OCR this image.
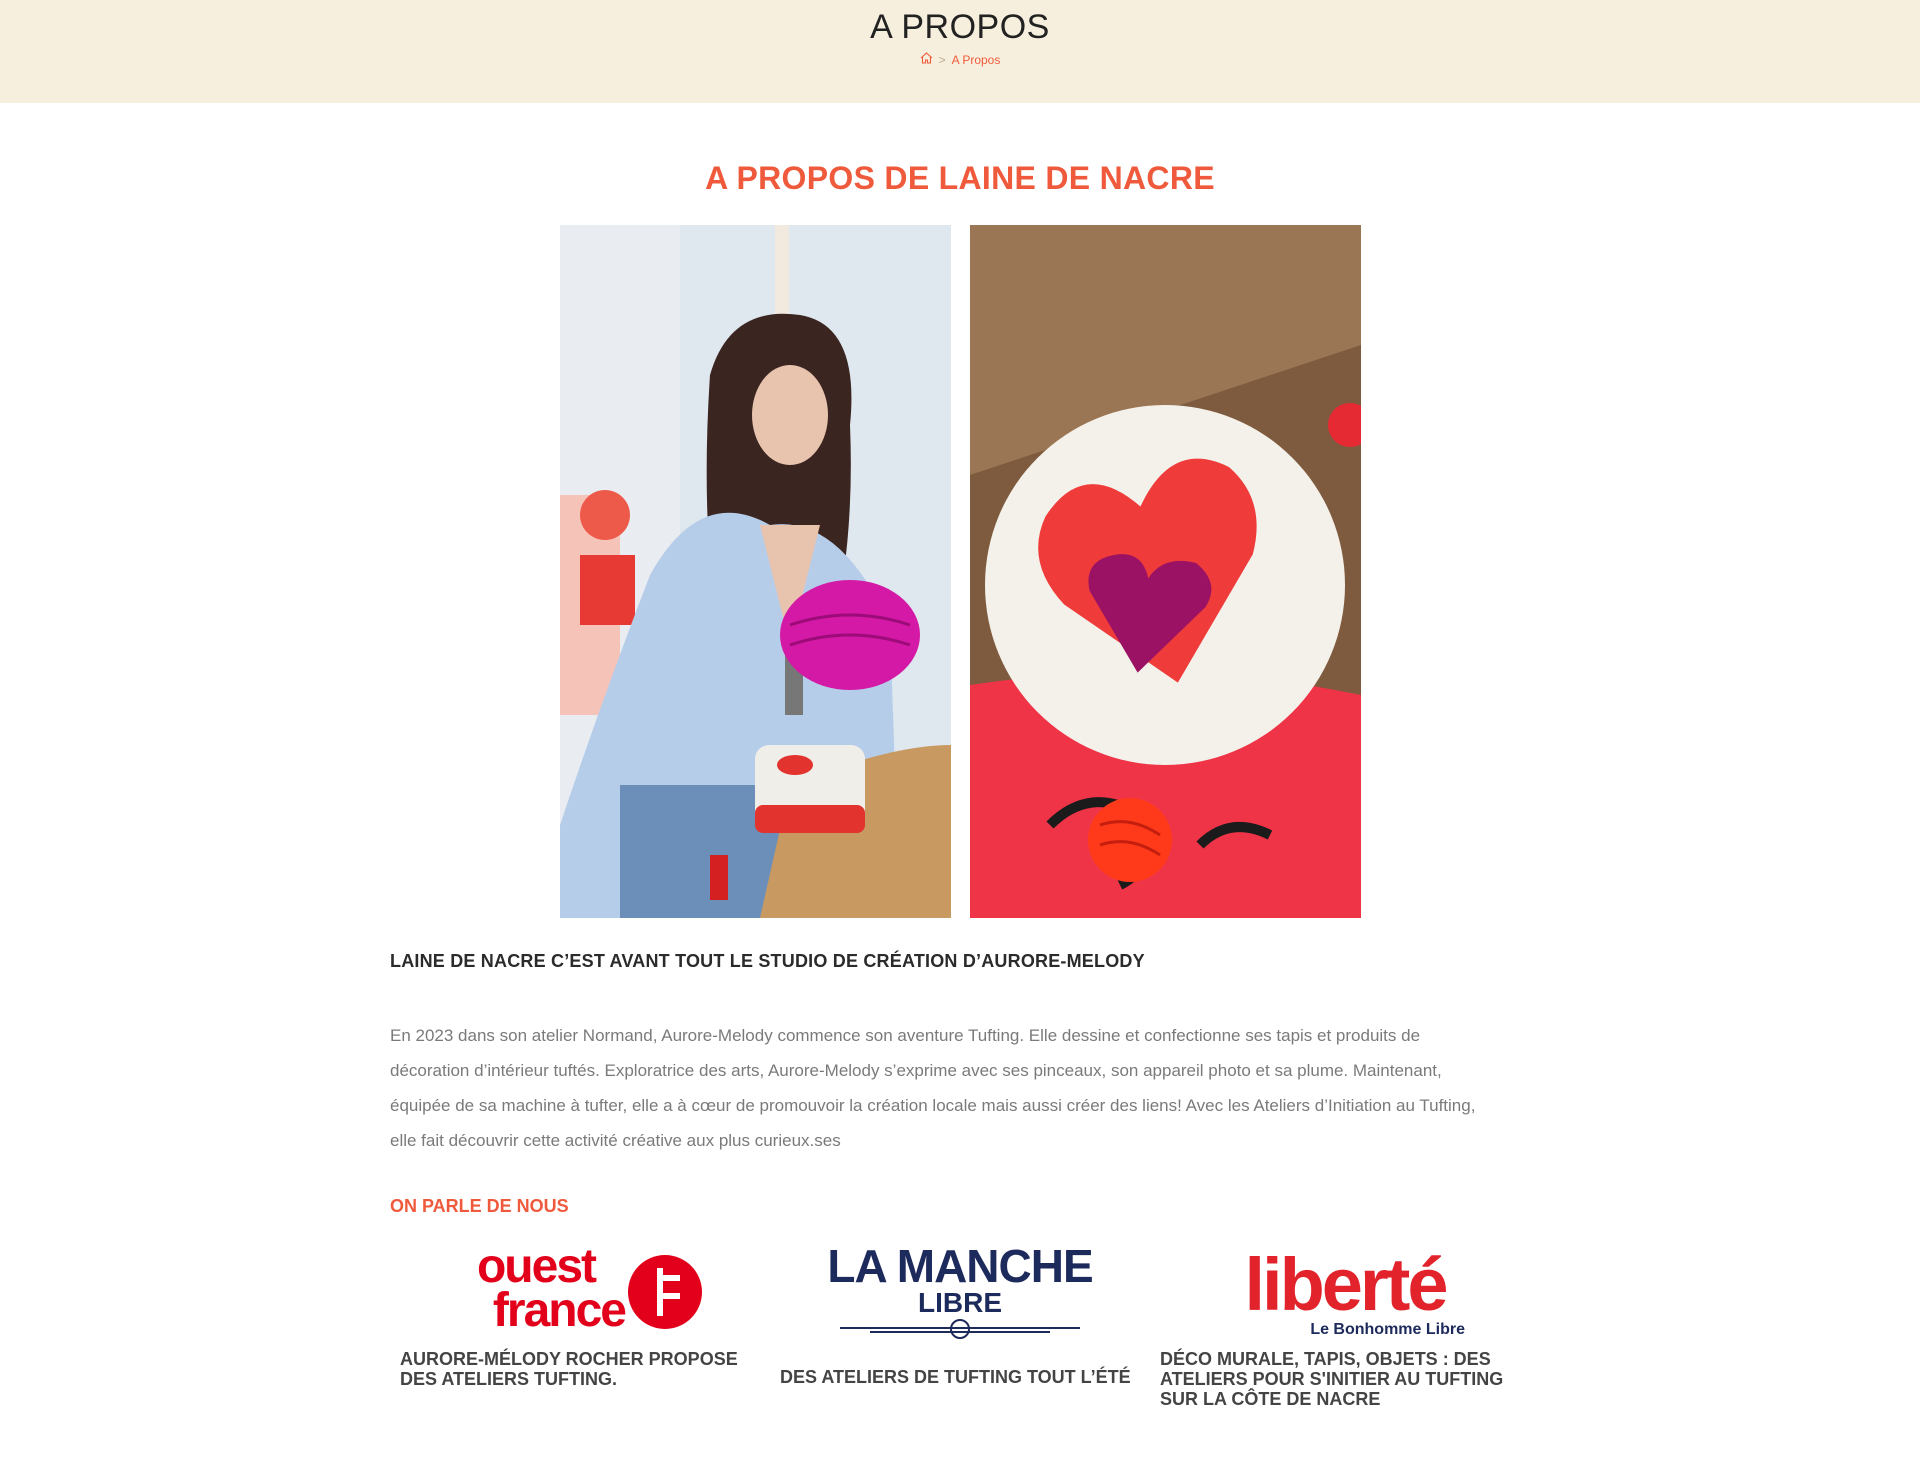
A PROPOS
> A Propos
A PROPOS DE LAINE DE NACRE
LAINE DE NACRE C’EST AVANT TOUT LE STUDIO DE CRÉATION D’AURORE-MELODY
En 2023 dans son atelier Normand, Aurore-Melody commence son aventure Tufting. Elle dessine et confectionne ses tapis et produits de
décoration d’intérieur tuftés. Exploratrice des arts, Aurore-Melody s’exprime avec ses pinceaux, son appareil photo et sa plume. Maintenant,
équipée de sa machine à tufter, elle a à cœur de promouvoir la création locale mais aussi créer des liens! Avec les Ateliers d’Initiation au Tufting,
elle fait découvrir cette activité créative aux plus curieux.ses
ON PARLE DE NOUS
ouest
france
AURORE-MÉLODY ROCHER PROPOSE
DES ATELIERS TUFTING.
LA MANCHE
LIBRE
DES ATELIERS DE TUFTING TOUT L’ÉTÉ
liberté
Le Bonhomme Libre
DÉCO MURALE, TAPIS, OBJETS : DES
ATELIERS POUR S'INITIER AU TUFTING
SUR LA CÔTE DE NACRE
